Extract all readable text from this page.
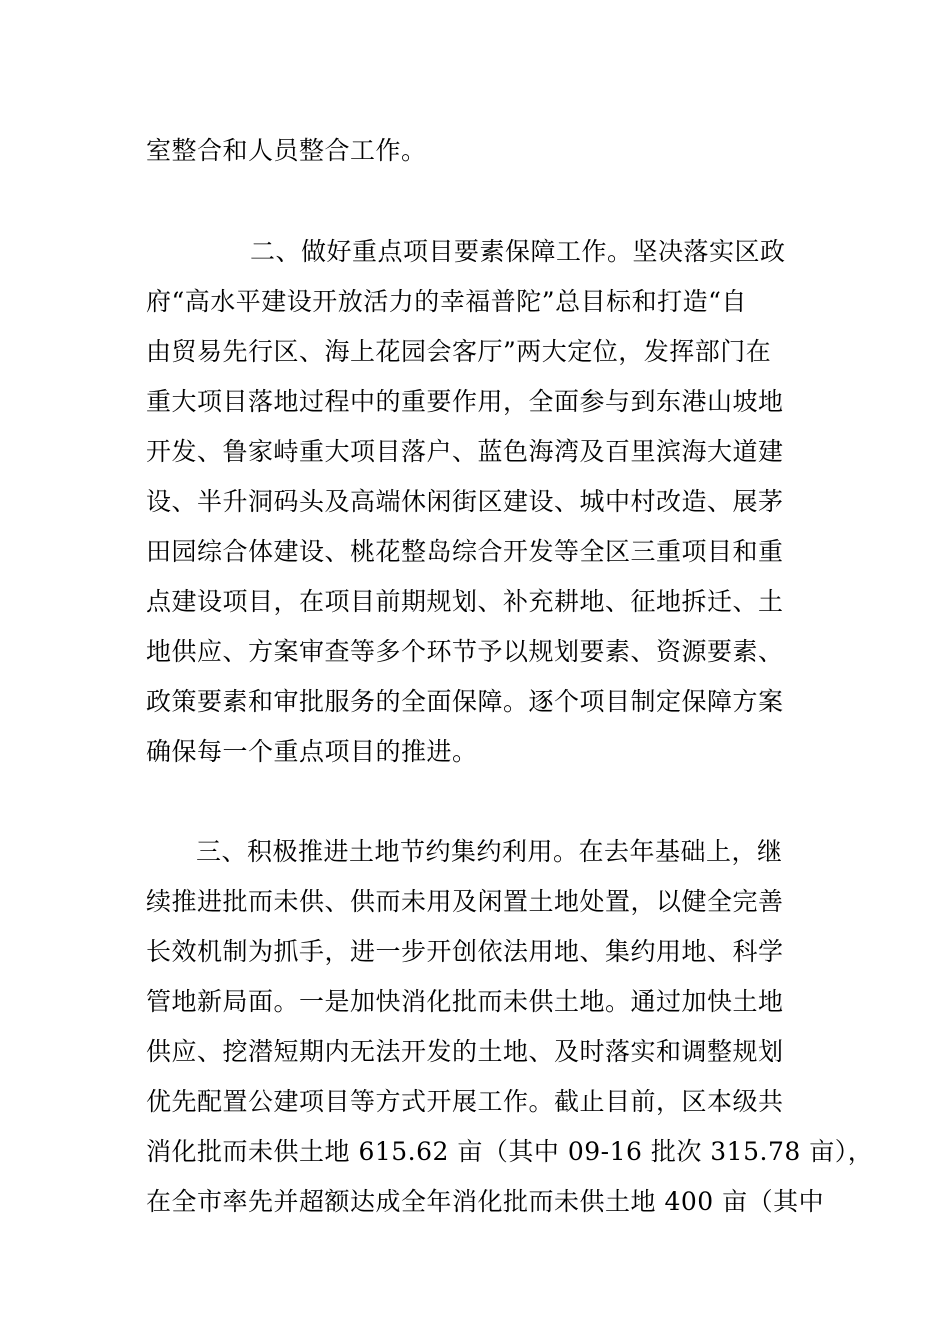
室整合和人员整合工作。
二、做好重点项目要素保障工作。坚决落实区政
府“高水平建设开放活力的幸福普陀”总目标和打造“自
由贸易先行区、海上花园会客厅”两大定位，发挥部门在
重大项目落地过程中的重要作用，全面参与到东港山坡地
开发、鲁家峙重大项目落户、蓝色海湾及百里滨海大道建
设、半升洞码头及高端休闲街区建设、城中村改造、展茅
田园综合体建设、桃花整岛综合开发等全区三重项目和重
点建设项目，在项目前期规划、补充耕地、征地拆迁、土
地供应、方案审查等多个环节予以规划要素、资源要素、
政策要素和审批服务的全面保障。逐个项目制定保障方案
确保每一个重点项目的推进。
三、积极推进土地节约集约利用。在去年基础上，继
续推进批而未供、供而未用及闲置土地处置，以健全完善
长效机制为抓手，进一步开创依法用地、集约用地、科学
管地新局面。一是加快消化批而未供土地。通过加快土地
供应、挖潜短期内无法开发的土地、及时落实和调整规划
优先配置公建项目等方式开展工作。截止目前，区本级共
消化批而未供土地 615.62 亩（其中 09-16 批次 315.78 亩），
在全市率先并超额达成全年消化批而未供土地 400 亩（其中
